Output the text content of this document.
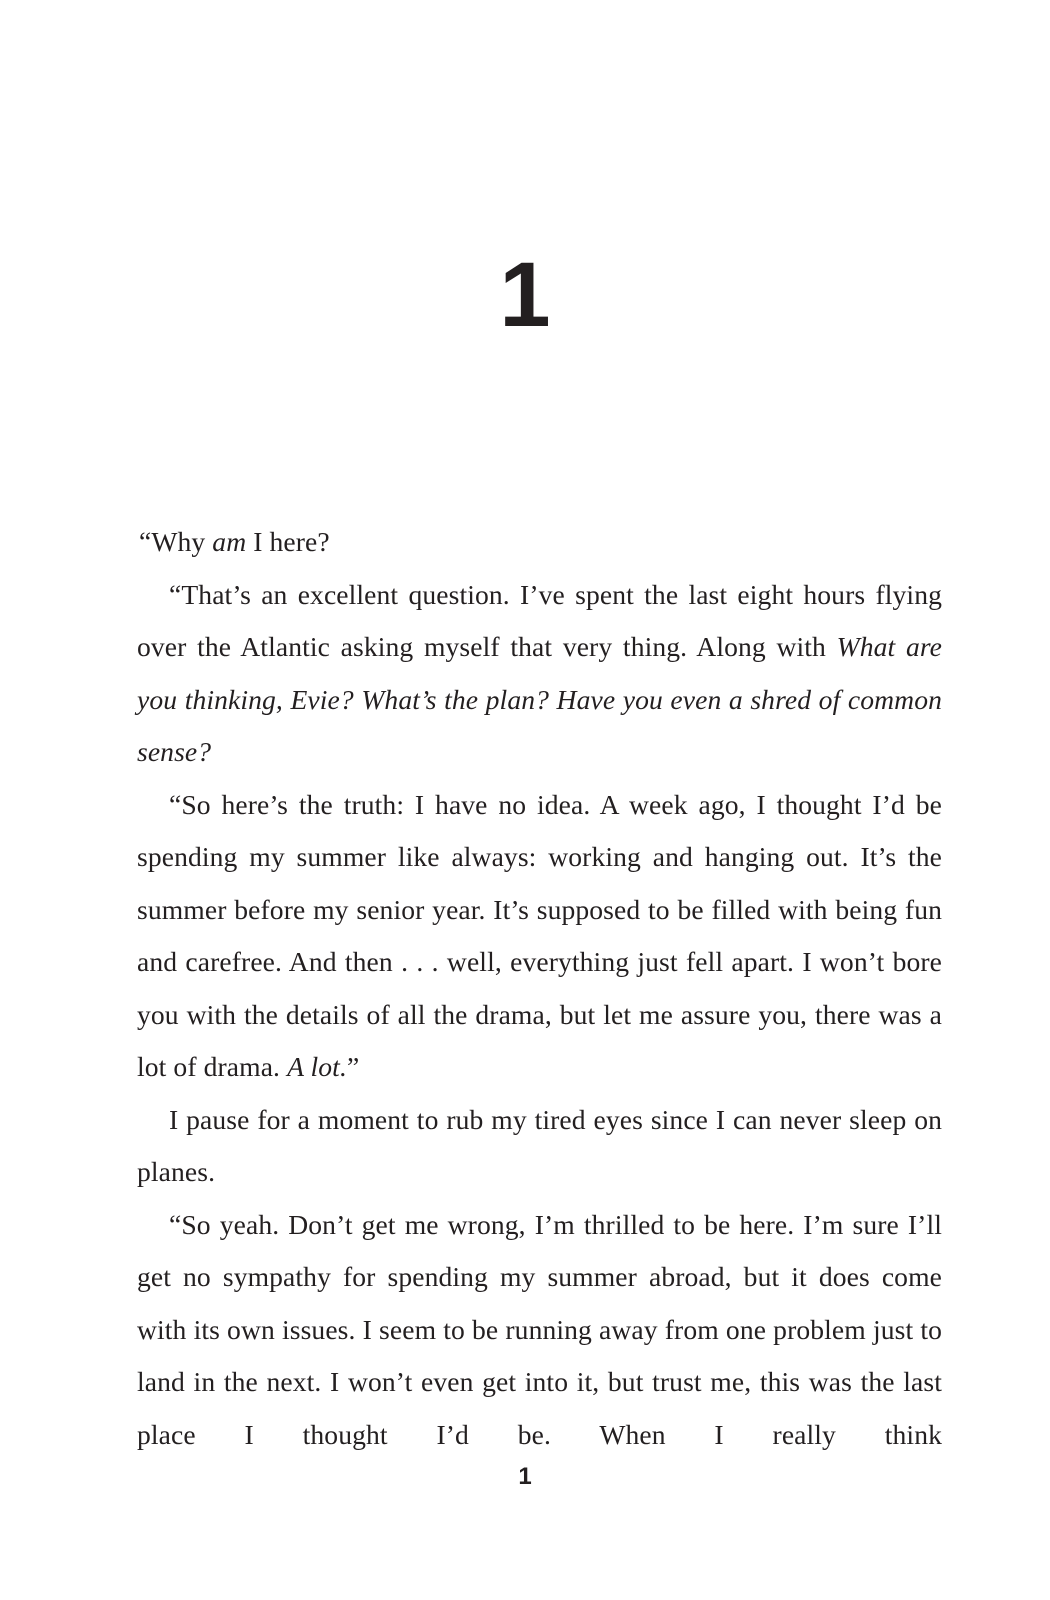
1

“Why am I here?

“That’s an excellent question. I’ve spent the last eight hours flying over the Atlantic asking myself that very thing. Along with What are you thinking, Evie? What’s the plan? Have you even a shred of common sense?

“So here’s the truth: I have no idea. A week ago, I thought I’d be spending my summer like always: working and hanging out. It’s the summer before my senior year. It’s supposed to be filled with being fun and carefree. And then . . . well, everything just fell apart. I won’t bore you with the details of all the drama, but let me assure you, there was a lot of drama. A lot.”

I pause for a moment to rub my tired eyes since I can never sleep on planes.

“So yeah. Don’t get me wrong, I’m thrilled to be here. I’m sure I’ll get no sympathy for spending my summer abroad, but it does come with its own issues. I seem to be running away from one problem just to land in the next. I won’t even get into it, but trust me, this was the last place I thought I’d be. When I really think

1
